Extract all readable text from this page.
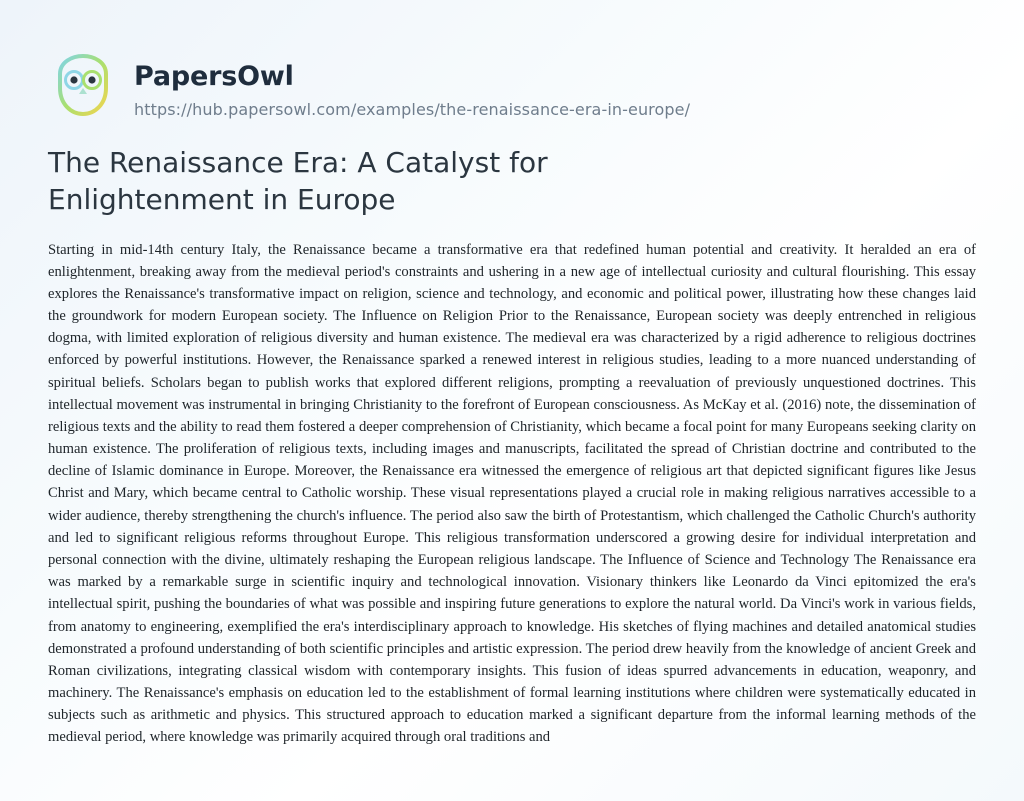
PapersOwl
https://hub.papersowl.com/examples/the-renaissance-era-in-europe/
The Renaissance Era: A Catalyst for Enlightenment in Europe

Starting in mid-14th century Italy, the Renaissance became a transformative era that redefined human potential and creativity. It heralded an era of enlightenment, breaking away from the medieval period's constraints and ushering in a new age of intellectual curiosity and cultural flourishing. This essay explores the Renaissance's transformative impact on religion, science and technology, and economic and political power, illustrating how these changes laid the groundwork for modern European society. The Influence on Religion Prior to the Renaissance, European society was deeply entrenched in religious dogma, with limited exploration of religious diversity and human existence. The medieval era was characterized by a rigid adherence to religious doctrines enforced by powerful institutions. However, the Renaissance sparked a renewed interest in religious studies, leading to a more nuanced understanding of spiritual beliefs. Scholars began to publish works that explored different religions, prompting a reevaluation of previously unquestioned doctrines. This intellectual movement was instrumental in bringing Christianity to the forefront of European consciousness. As McKay et al. (2016) note, the dissemination of religious texts and the ability to read them fostered a deeper comprehension of Christianity, which became a focal point for many Europeans seeking clarity on human existence. The proliferation of religious texts, including images and manuscripts, facilitated the spread of Christian doctrine and contributed to the decline of Islamic dominance in Europe. Moreover, the Renaissance era witnessed the emergence of religious art that depicted significant figures like Jesus Christ and Mary, which became central to Catholic worship. These visual representations played a crucial role in making religious narratives accessible to a wider audience, thereby strengthening the church's influence. The period also saw the birth of Protestantism, which challenged the Catholic Church's authority and led to significant religious reforms throughout Europe. This religious transformation underscored a growing desire for individual interpretation and personal connection with the divine, ultimately reshaping the European religious landscape. The Influence of Science and Technology The Renaissance era was marked by a remarkable surge in scientific inquiry and technological innovation. Visionary thinkers like Leonardo da Vinci epitomized the era's intellectual spirit, pushing the boundaries of what was possible and inspiring future generations to explore the natural world. Da Vinci's work in various fields, from anatomy to engineering, exemplified the era's interdisciplinary approach to knowledge. His sketches of flying machines and detailed anatomical studies demonstrated a profound understanding of both scientific principles and artistic expression. The period drew heavily from the knowledge of ancient Greek and Roman civilizations, integrating classical wisdom with contemporary insights. This fusion of ideas spurred advancements in education, weaponry, and machinery. The Renaissance's emphasis on education led to the establishment of formal learning institutions where children were systematically educated in subjects such as arithmetic and physics. This structured approach to education marked a significant departure from the informal learning methods of the medieval period, where knowledge was primarily acquired through oral traditions and
